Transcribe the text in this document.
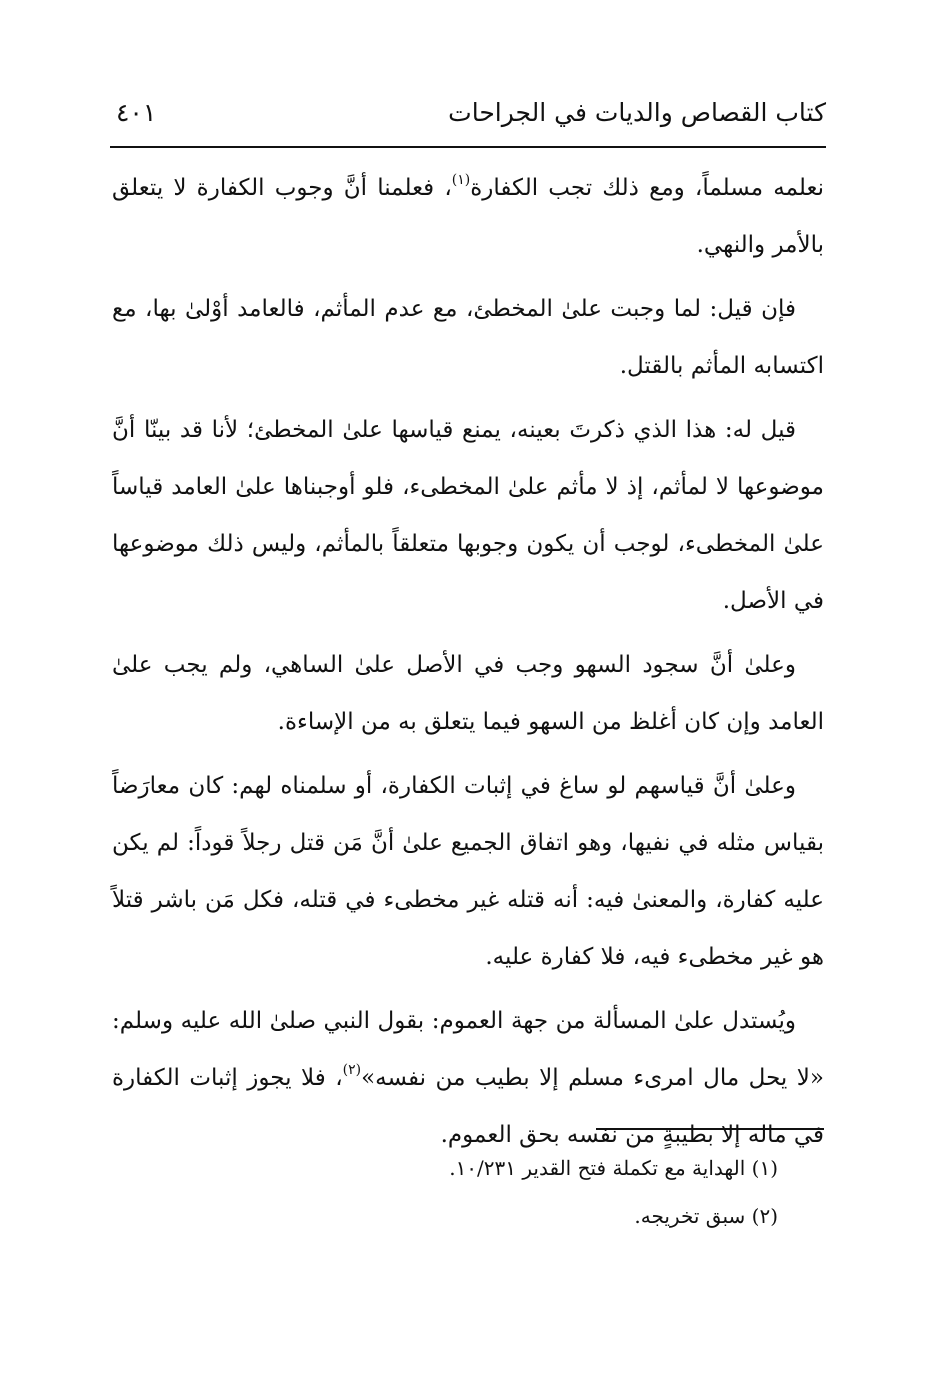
كتاب القصاص والديات في الجراحات
٤٠١

نعلمه مسلماً، ومع ذلك تجب الكفارة$^{(١)}$، فعلمنا أنَّ وجوب الكفارة لا يتعلق بالأمر والنهي.

فإن قيل: لما وجبت علىٰ المخطئ، مع عدم المأثم، فالعامد أوْلىٰ بها، مع اكتسابه المأثم بالقتل.

قيل له: هذا الذي ذكرتَ بعينه، يمنع قياسها علىٰ المخطئ؛ لأنا قد بينّا أنَّ موضوعها لا لمأثم، إذ لا مأثم علىٰ المخطىء، فلو أوجبناها علىٰ العامد قياساً علىٰ المخطىء، لوجب أن يكون وجوبها متعلقاً بالمأثم، وليس ذلك موضوعها في الأصل.

وعلىٰ أنَّ سجود السهو وجب في الأصل علىٰ الساهي، ولم يجب علىٰ العامد وإن كان أغلظ من السهو فيما يتعلق به من الإساءة.

وعلىٰ أنَّ قياسهم لو ساغ في إثبات الكفارة، أو سلمناه لهم: كان معارَضاً بقياس مثله في نفيها، وهو اتفاق الجميع علىٰ أنَّ مَن قتل رجلاً قوداً: لم يكن عليه كفارة، والمعنىٰ فيه: أنه قتله غير مخطىء في قتله، فكل مَن باشر قتلاً هو غير مخطىء فيه، فلا كفارة عليه.

ويُستدل علىٰ المسألة من جهة العموم: بقول النبي صلىٰ الله عليه وسلم: «لا يحل مال امرىء مسلم إلا بطيب من نفسه»$^{(٢)}$، فلا يجوز إثبات الكفارة في ماله إلا بطيبةٍ من نفسه بحق العموم.

(١) الهداية مع تكملة فتح القدير ١٠/٢٣١.

(٢) سبق تخريجه.
